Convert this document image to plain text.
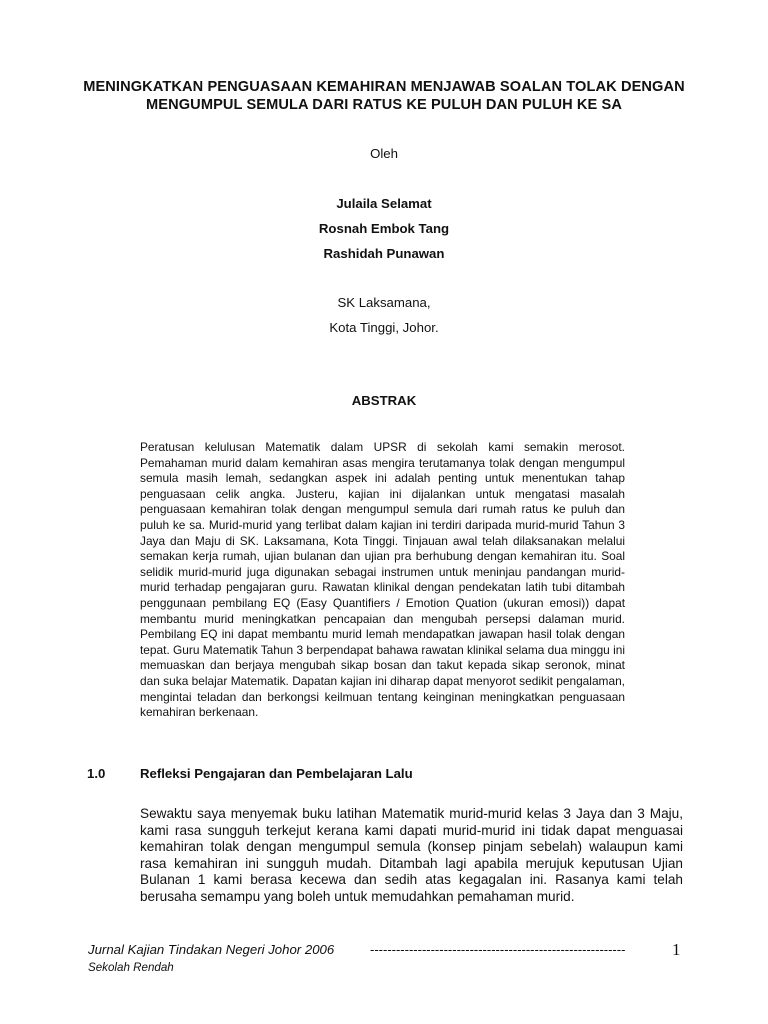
MENINGKATKAN PENGUASAAN KEMAHIRAN MENJAWAB SOALAN TOLAK DENGAN MENGUMPUL SEMULA DARI RATUS KE PULUH DAN PULUH KE SA
Oleh
Julaila Selamat
Rosnah Embok Tang
Rashidah Punawan
SK Laksamana,
Kota Tinggi, Johor.
ABSTRAK
Peratusan kelulusan Matematik dalam UPSR di sekolah kami semakin merosot. Pemahaman murid dalam kemahiran asas mengira terutamanya tolak dengan mengumpul semula masih lemah, sedangkan aspek ini adalah penting untuk menentukan tahap penguasaan celik angka. Justeru, kajian ini dijalankan untuk mengatasi masalah penguasaan kemahiran tolak dengan mengumpul semula dari rumah ratus ke puluh dan puluh ke sa. Murid-murid yang terlibat dalam kajian ini terdiri daripada murid-murid Tahun 3 Jaya dan Maju di SK. Laksamana, Kota Tinggi. Tinjauan awal telah dilaksanakan melalui semakan kerja rumah, ujian bulanan dan ujian pra berhubung dengan kemahiran itu. Soal selidik murid-murid juga digunakan sebagai instrumen untuk meninjau pandangan murid-murid terhadap pengajaran guru. Rawatan klinikal dengan pendekatan latih tubi ditambah penggunaan pembilang EQ (Easy Quantifiers / Emotion Quation (ukuran emosi)) dapat membantu murid meningkatkan pencapaian dan mengubah persepsi dalaman murid. Pembilang EQ ini dapat membantu murid lemah mendapatkan jawapan hasil tolak dengan tepat. Guru Matematik Tahun 3 berpendapat bahawa rawatan klinikal selama dua minggu ini memuaskan dan berjaya mengubah sikap bosan dan takut kepada sikap seronok, minat dan suka belajar Matematik. Dapatan kajian ini diharap dapat menyorot sedikit pengalaman, mengintai teladan dan berkongsi keilmuan tentang keinginan meningkatkan penguasaan kemahiran berkenaan.
1.0	Refleksi Pengajaran dan Pembelajaran Lalu
Sewaktu saya menyemak buku latihan Matematik murid-murid kelas 3 Jaya dan 3 Maju, kami rasa sungguh terkejut kerana kami dapati murid-murid ini tidak dapat menguasai kemahiran tolak dengan mengumpul semula (konsep pinjam sebelah) walaupun kami rasa kemahiran ini sungguh mudah. Ditambah lagi apabila merujuk keputusan Ujian Bulanan 1 kami berasa kecewa dan sedih atas kegagalan ini. Rasanya kami telah berusaha semampu yang boleh untuk memudahkan pemahaman murid.
Jurnal Kajian Tindakan Negeri Johor 2006	-----------------------------------------------------------	1
Sekolah Rendah
